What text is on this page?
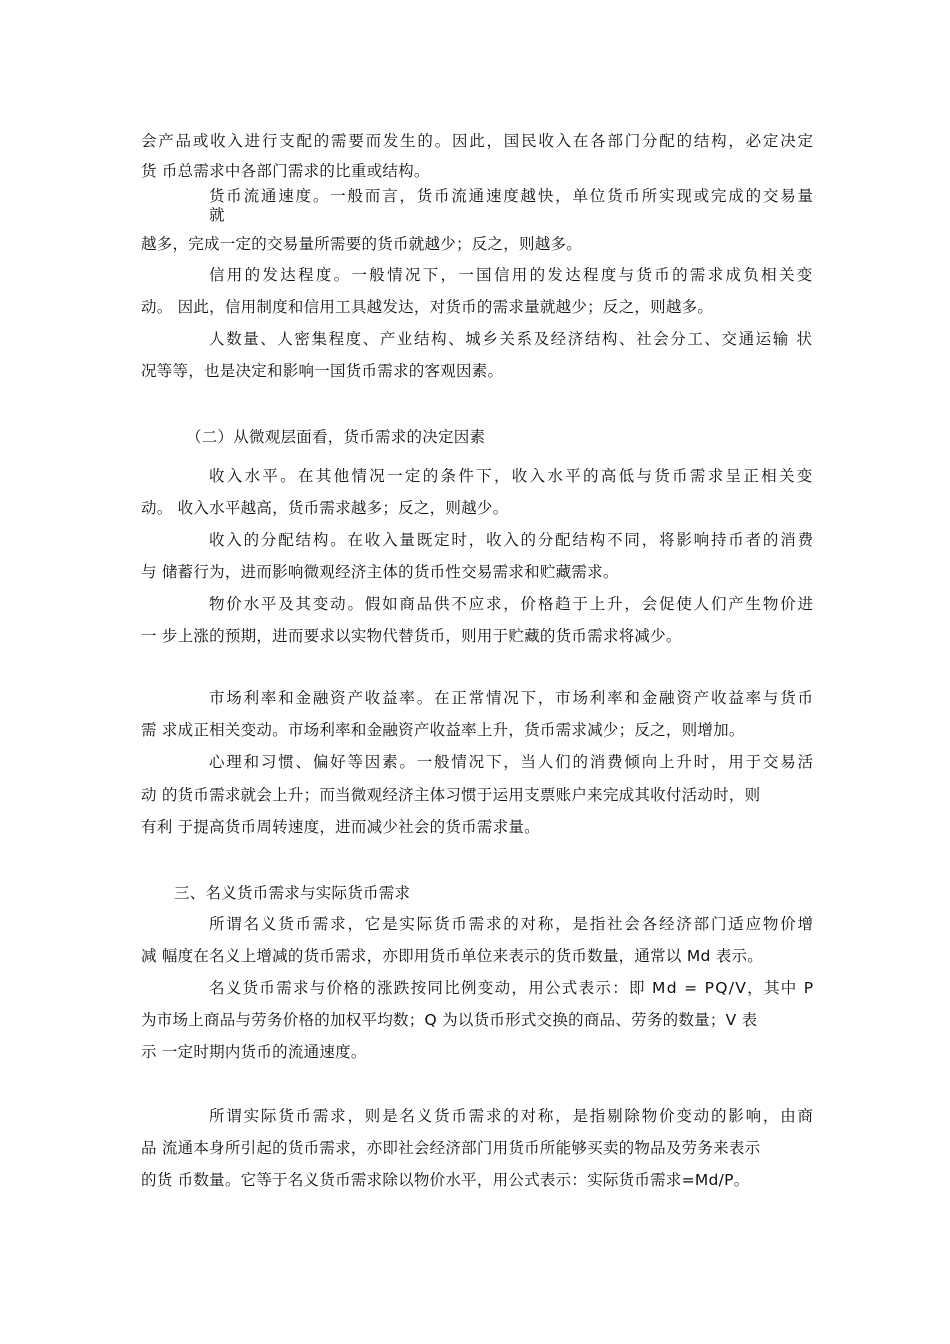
会产品或收入进行支配的需要而发生的。因此，国民收入在各部门分配的结构，必定决定

货 币总需求中各部门需求的比重或结构。

货币流通速度。一般而言，货币流通速度越快，单位货币所实现或完成的交易量

就

越多，完成一定的交易量所需要的货币就越少；反之，则越多。

信用的发达程度。一般情况下，一国信用的发达程度与货币的需求成负相关变

动。 因此，信用制度和信用工具越发达，对货币的需求量就越少；反之，则越多。

人数量、人密集程度、产业结构、城乡关系及经济结构、社会分工、交通运输 状

况等等，也是决定和影响一国货币需求的客观因素。

（二）从微观层面看，货币需求的决定因素

收入水平。在其他情况一定的条件下，收入水平的高低与货币需求呈正相关变

动。 收入水平越高，货币需求越多；反之，则越少。

收入的分配结构。在收入量既定时，收入的分配结构不同，将影响持币者的消费

与 储蓄行为，进而影响微观经济主体的货币性交易需求和贮藏需求。

物价水平及其变动。假如商品供不应求，价格趋于上升，会促使人们产生物价进

一 步上涨的预期，进而要求以实物代替货币，则用于贮藏的货币需求将减少。

市场利率和金融资产收益率。在正常情况下，市场利率和金融资产收益率与货币

需 求成正相关变动。市场利率和金融资产收益率上升，货币需求减少；反之，则增加。

心理和习惯、偏好等因素。一般情况下，当人们的消费倾向上升时，用于交易活

动 的货币需求就会上升；而当微观经济主体习惯于运用支票账户来完成其收付活动时，则

有利 于提高货币周转速度，进而减少社会的货币需求量。

三、名义货币需求与实际货币需求

所谓名义货币需求，它是实际货币需求的对称，是指社会各经济部门适应物价增

减 幅度在名义上增减的货币需求，亦即用货币单位来表示的货币数量，通常以 Md 表示。

名义货币需求与价格的涨跌按同比例变动，用公式表示：即 Md = PQ/V，其中 P

为市场上商品与劳务价格的加权平均数；Q 为以货币形式交换的商品、劳务的数量；V 表

示 一定时期内货币的流通速度。

所谓实际货币需求，则是名义货币需求的对称，是指剔除物价变动的影响，由商

品 流通本身所引起的货币需求，亦即社会经济部门用货币所能够买卖的物品及劳务来表示

的货 币数量。它等于名义货币需求除以物价水平，用公式表示：实际货币需求=Md/P。
